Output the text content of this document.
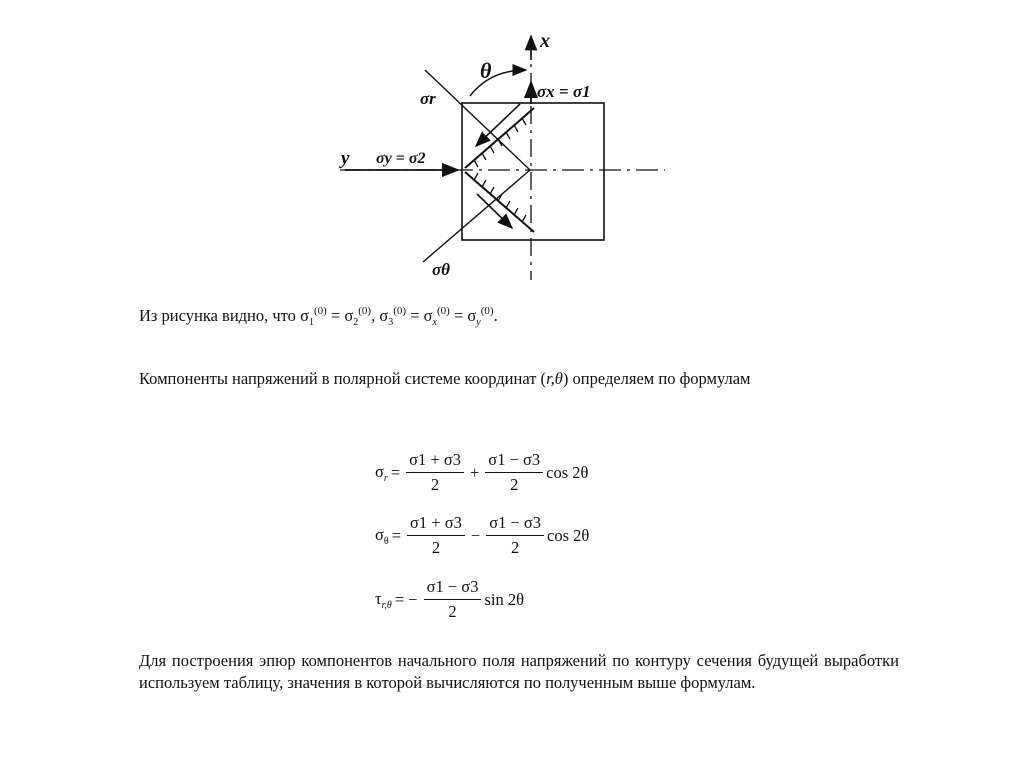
x
θ
σx = σ1
σr
y σy = σ2
σθ

Из рисунка видно, что $\sigma_1^{(0)} = \sigma_2^{(0)}$, $\sigma_3^{(0)} = \sigma_x^{(0)} = \sigma_y^{(0)}$.

Компоненты напряжений в полярной системе координат (r,θ) определяем по формулам

$\sigma_r = \frac{\sigma 1 + \sigma 3}{2} + \frac{\sigma 1 - \sigma 3}{2}$ cos 2θ
$\sigma_\theta = \frac{\sigma 1 + \sigma 3}{2} - \frac{\sigma 1 - \sigma 3}{2}$ cos 2θ
$\tau_{r,\theta}$ = − $\frac{\sigma 1 - \sigma 3}{2}$ sin 2θ

Для построения эпюр компонентов начального поля напряжений по контуру сечения будущей выработки используем таблицу, значения в которой вычисляются по полученным выше формулам.
